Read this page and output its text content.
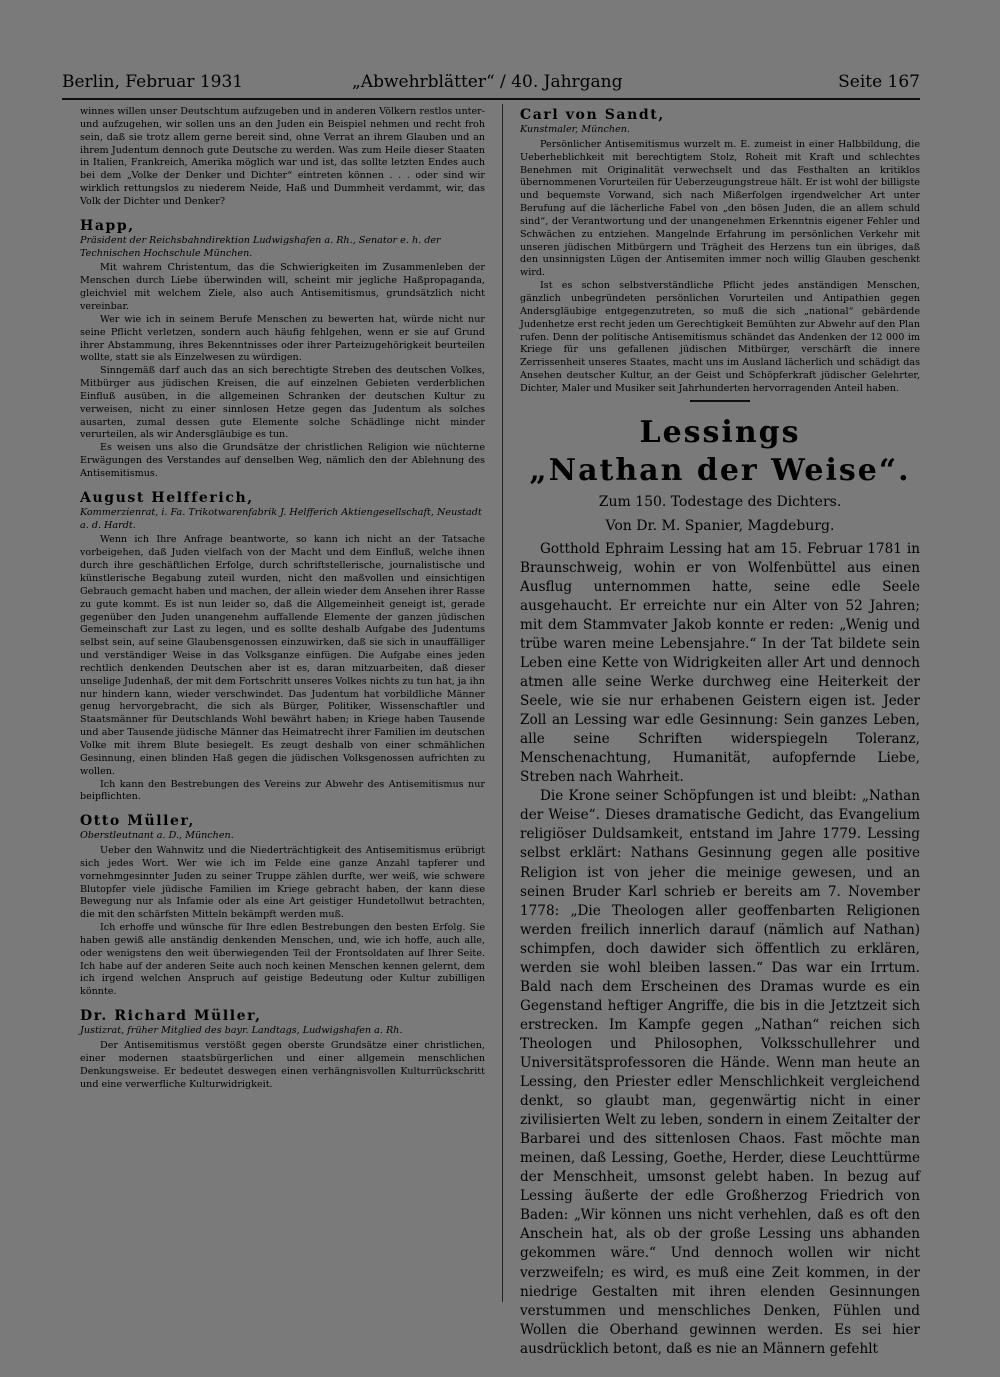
Berlin, Februar 1931	„Abwehrblätter“ / 40. Jahrgang	Seite 167

winnes willen unser Deutschtum aufzugeben und in anderen Völkern restlos unter- und aufzugehen, wir sollen uns an den Juden ein Beispiel nehmen und recht froh sein, daß sie trotz allem gerne bereit sind, ohne Verrat an ihrem Glauben und an ihrem Judentum dennoch gute Deutsche zu werden. Was zum Heile dieser Staaten in Italien, Frankreich, Amerika möglich war und ist, das sollte letzten Endes auch bei dem „Volke der Denker und Dichter“ eintreten können . . . oder sind wir wirklich rettungslos zu niederem Neide, Haß und Dummheit verdammt, wir, das Volk der Dichter und Denker?

Happ,
Präsident der Reichsbahndirektion Ludwigshafen a. Rh., Senator e. h. der Technischen Hochschule München.

Mit wahrem Christentum, das die Schwierigkeiten im Zusammenleben der Menschen durch Liebe überwinden will, scheint mir jegliche Haßpropaganda, gleichviel mit welchem Ziele, also auch Antisemitismus, grundsätzlich nicht vereinbar.

Wer wie ich in seinem Berufe Menschen zu bewerten hat, würde nicht nur seine Pflicht verletzen, sondern auch häufig fehlgehen, wenn er sie auf Grund ihrer Abstammung, ihres Bekenntnisses oder ihrer Parteizugehörigkeit beurteilen wollte, statt sie als Einzelwesen zu würdigen.

Sinngemäß darf auch das an sich berechtigte Streben des deutschen Volkes, Mitbürger aus jüdischen Kreisen, die auf einzelnen Gebieten verderblichen Einfluß ausüben, in die allgemeinen Schranken der deutschen Kultur zu verweisen, nicht zu einer sinnlosen Hetze gegen das Judentum als solches ausarten, zumal dessen gute Elemente solche Schädlinge nicht minder verurteilen, als wir Andersgläubige es tun.

Es weisen uns also die Grundsätze der christlichen Religion wie nüchterne Erwägungen des Verstandes auf denselben Weg, nämlich den der Ablehnung des Antisemitismus.

August Helfferich,
Kommerzienrat, i. Fa. Trikotwarenfabrik J. Helfferich Aktiengesellschaft, Neustadt a. d. Hardt.

Wenn ich Ihre Anfrage beantworte, so kann ich nicht an der Tatsache vorbeigehen, daß Juden vielfach von der Macht und dem Einfluß, welche ihnen durch ihre geschäftlichen Erfolge, durch schriftstellerische, journalistische und künstlerische Begabung zuteil wurden, nicht den maßvollen und einsichtigen Gebrauch gemacht haben und machen, der allein wieder dem Ansehen ihrer Rasse zu gute kommt. Es ist nun leider so, daß die Allgemeinheit geneigt ist, gerade gegenüber den Juden unangenehm auffallende Elemente der ganzen jüdischen Gemeinschaft zur Last zu legen, und es sollte deshalb Aufgabe des Judentums selbst sein, auf seine Glaubensgenossen einzuwirken, daß sie sich in unauffälliger und verständiger Weise in das Volksganze einfügen. Die Aufgabe eines jeden rechtlich denkenden Deutschen aber ist es, daran mitzuarbeiten, daß dieser unselige Judenhaß, der mit dem Fortschritt unseres Volkes nichts zu tun hat, ja ihn nur hindern kann, wieder verschwindet. Das Judentum hat vorbildliche Männer genug hervorgebracht, die sich als Bürger, Politiker, Wissenschaftler und Staatsmänner für Deutschlands Wohl bewährt haben; in Kriege haben Tausende und aber Tausende jüdische Männer das Heimatrecht ihrer Familien im deutschen Volke mit ihrem Blute besiegelt. Es zeugt deshalb von einer schmählichen Gesinnung, einen blinden Haß gegen die jüdischen Volksgenossen aufrichten zu wollen.

Ich kann den Bestrebungen des Vereins zur Abwehr des Antisemitismus nur beipflichten.

Otto Müller,
Oberstleutnant a. D., München.

Ueber den Wahnwitz und die Niederträchtigkeit des Antisemitismus erübrigt sich jedes Wort. Wer wie ich im Felde eine ganze Anzahl tapferer und vornehmgesinnter Juden zu seiner Truppe zählen durfte, wer weiß, wie schwere Blutopfer viele jüdische Familien im Kriege gebracht haben, der kann diese Bewegung nur als Infamie oder als eine Art geistiger Hundetollwut betrachten, die mit den schärfsten Mitteln bekämpft werden muß.

Ich erhoffe und wünsche für Ihre edlen Bestrebungen den besten Erfolg. Sie haben gewiß alle anständig denkenden Menschen, und, wie ich hoffe, auch alle, oder wenigstens den weit überwiegenden Teil der Frontsoldaten auf Ihrer Seite. Ich habe auf der anderen Seite auch noch keinen Menschen kennen gelernt, dem ich irgend welchen Anspruch auf geistige Bedeutung oder Kultur zubilligen könnte.

Dr. Richard Müller,
Justizrat, früher Mitglied des bayr. Landtags, Ludwigshafen a. Rh.

Der Antisemitismus verstößt gegen oberste Grundsätze einer christlichen, einer modernen staatsbürgerlichen und einer allgemein menschlichen Denkungsweise. Er bedeutet deswegen einen verhängnisvollen Kulturrückschritt und eine verwerfliche Kulturwidrigkeit.

Carl von Sandt,
Kunstmaler, München.

Persönlicher Antisemitismus wurzelt m. E. zumeist in einer Halbbildung, die Ueberheblichkeit mit berechtigtem Stolz, Roheit mit Kraft und schlechtes Benehmen mit Originalität verwechselt und das Festhalten an kritiklos übernommenen Vorurteilen für Ueberzeugungstreue hält. Er ist wohl der billigste und bequemste Vorwand, sich nach Mißerfolgen irgendwelcher Art unter Berufung auf die lächerliche Fabel von „den bösen Juden, die an allem schuld sind“, der Verantwortung und der unangenehmen Erkenntnis eigener Fehler und Schwächen zu entziehen. Mangelnde Erfahrung im persönlichen Verkehr mit unseren jüdischen Mitbürgern und Trägheit des Herzens tun ein übriges, daß den unsinnigsten Lügen der Antisemiten immer noch willig Glauben geschenkt wird.

Ist es schon selbstverständliche Pflicht jedes anständigen Menschen, gänzlich unbegründeten persönlichen Vorurteilen und Antipathien gegen Andersgläubige entgegenzutreten, so muß die sich „national“ gebärdende Judenhetze erst recht jeden um Gerechtigkeit Bemühten zur Abwehr auf den Plan rufen. Denn der politische Antisemitismus schändet das Andenken der 12 000 im Kriege für uns gefallenen jüdischen Mitbürger, verschärft die innere Zerrissenheit unseres Staates, macht uns im Ausland lächerlich und schädigt das Ansehen deutscher Kultur, an der Geist und Schöpferkraft jüdischer Gelehrter, Dichter, Maler und Musiker seit Jahrhunderten hervorragenden Anteil haben.

Lessings
„Nathan der Weise“.
Zum 150. Todestage des Dichters.
Von Dr. M. Spanier, Magdeburg.

Gotthold Ephraim Lessing hat am 15. Februar 1781 in Braunschweig, wohin er von Wolfenbüttel aus einen Ausflug unternommen hatte, seine edle Seele ausgehaucht. Er erreichte nur ein Alter von 52 Jahren; mit dem Stammvater Jakob konnte er reden: „Wenig und trübe waren meine Lebensjahre.“ In der Tat bildete sein Leben eine Kette von Widrigkeiten aller Art und dennoch atmen alle seine Werke durchweg eine Heiterkeit der Seele, wie sie nur erhabenen Geistern eigen ist. Jeder Zoll an Lessing war edle Gesinnung: Sein ganzes Leben, alle seine Schriften widerspiegeln Toleranz, Menschenachtung, Humanität, aufopfernde Liebe, Streben nach Wahrheit.

Die Krone seiner Schöpfungen ist und bleibt: „Nathan der Weise“. Dieses dramatische Gedicht, das Evangelium religiöser Duldsamkeit, entstand im Jahre 1779. Lessing selbst erklärt: Nathans Gesinnung gegen alle positive Religion ist von jeher die meinige gewesen, und an seinen Bruder Karl schrieb er bereits am 7. November 1778: „Die Theologen aller geoffenbarten Religionen werden freilich innerlich darauf (nämlich auf Nathan) schimpfen, doch dawider sich öffentlich zu erklären, werden sie wohl bleiben lassen.“ Das war ein Irrtum. Bald nach dem Erscheinen des Dramas wurde es ein Gegenstand heftiger Angriffe, die bis in die Jetztzeit sich erstrecken. Im Kampfe gegen „Nathan“ reichen sich Theologen und Philosophen, Volksschullehrer und Universitätsprofessoren die Hände. Wenn man heute an Lessing, den Priester edler Menschlichkeit vergleichend denkt, so glaubt man, gegenwärtig nicht in einer zivilisierten Welt zu leben, sondern in einem Zeitalter der Barbarei und des sittenlosen Chaos. Fast möchte man meinen, daß Lessing, Goethe, Herder, diese Leuchttürme der Menschheit, umsonst gelebt haben. In bezug auf Lessing äußerte der edle Großherzog Friedrich von Baden: „Wir können uns nicht verhehlen, daß es oft den Anschein hat, als ob der große Lessing uns abhanden gekommen wäre.“ Und dennoch wollen wir nicht verzweifeln; es wird, es muß eine Zeit kommen, in der niedrige Gestalten mit ihren elenden Gesinnungen verstummen und menschliches Denken, Fühlen und Wollen die Oberhand gewinnen werden. Es sei hier ausdrücklich betont, daß es nie an Männern gefehlt
